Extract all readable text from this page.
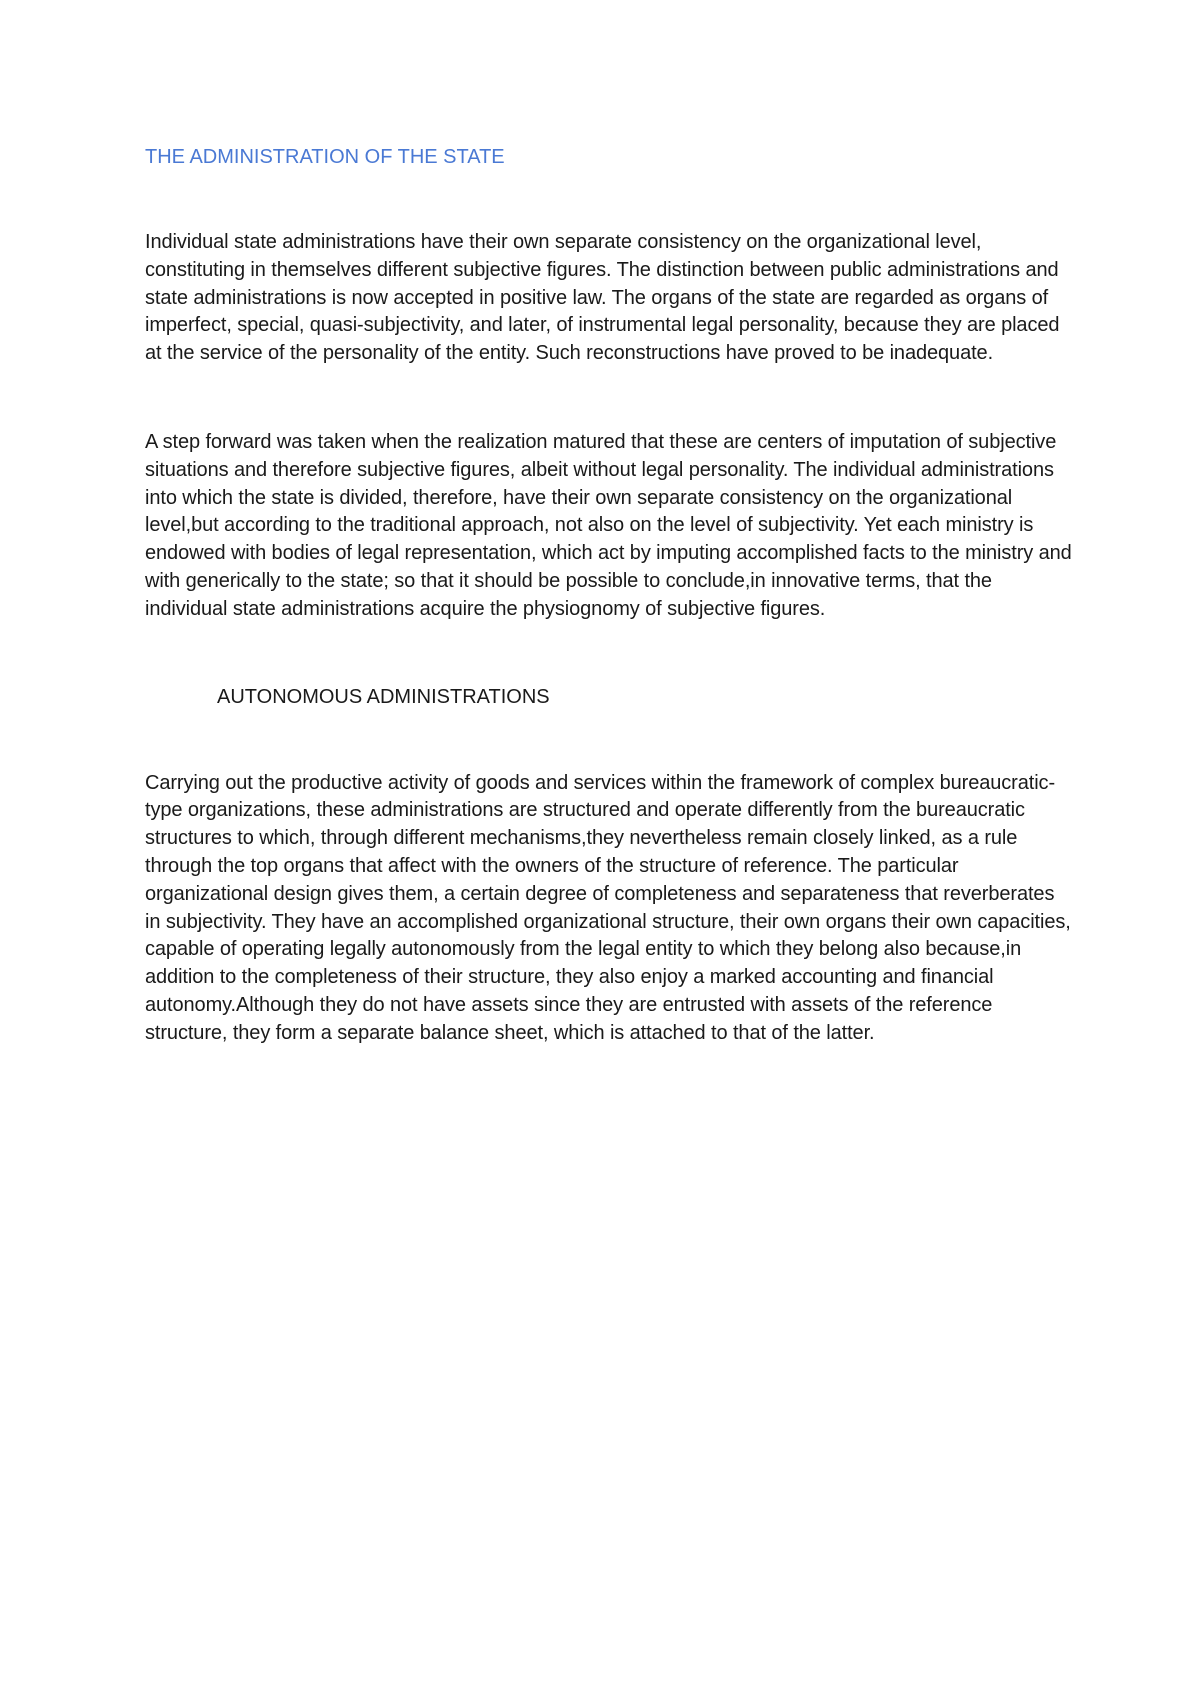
THE ADMINISTRATION OF THE STATE

Individual state administrations have their own separate consistency on the organizational level, constituting in themselves different subjective figures. The distinction between public administrations and state administrations is now accepted in positive law. The organs of the state are regarded as organs of imperfect, special, quasi-subjectivity, and later, of instrumental legal personality, because they are placed at the service of the personality of the entity. Such reconstructions have proved to be inadequate.

A step forward was taken when the realization matured that these are centers of imputation of subjective situations and therefore subjective figures, albeit without legal personality. The individual administrations into which the state is divided, therefore, have their own separate consistency on the organizational level,but according to the traditional approach, not also on the level of subjectivity. Yet each ministry is endowed with bodies of legal representation, which act by imputing accomplished facts to the ministry and with generically to the state; so that it should be possible to conclude,in innovative terms, that the individual state administrations acquire the physiognomy of subjective figures.

AUTONOMOUS ADMINISTRATIONS

Carrying out the productive activity of goods and services within the framework of complex bureaucratic-type organizations, these administrations are structured and operate differently from the bureaucratic structures to which, through different mechanisms,they nevertheless remain closely linked, as a rule through the top organs that affect with the owners of the structure of reference. The particular organizational design gives them, a certain degree of completeness and separateness that reverberates in subjectivity. They have an accomplished organizational structure, their own organs their own capacities, capable of operating legally autonomously from the legal entity to which they belong also because,in addition to the completeness of their structure, they also enjoy a marked accounting and financial autonomy.Although they do not have assets since they are entrusted with assets of the reference structure, they form a separate balance sheet, which is attached to that of the latter.
